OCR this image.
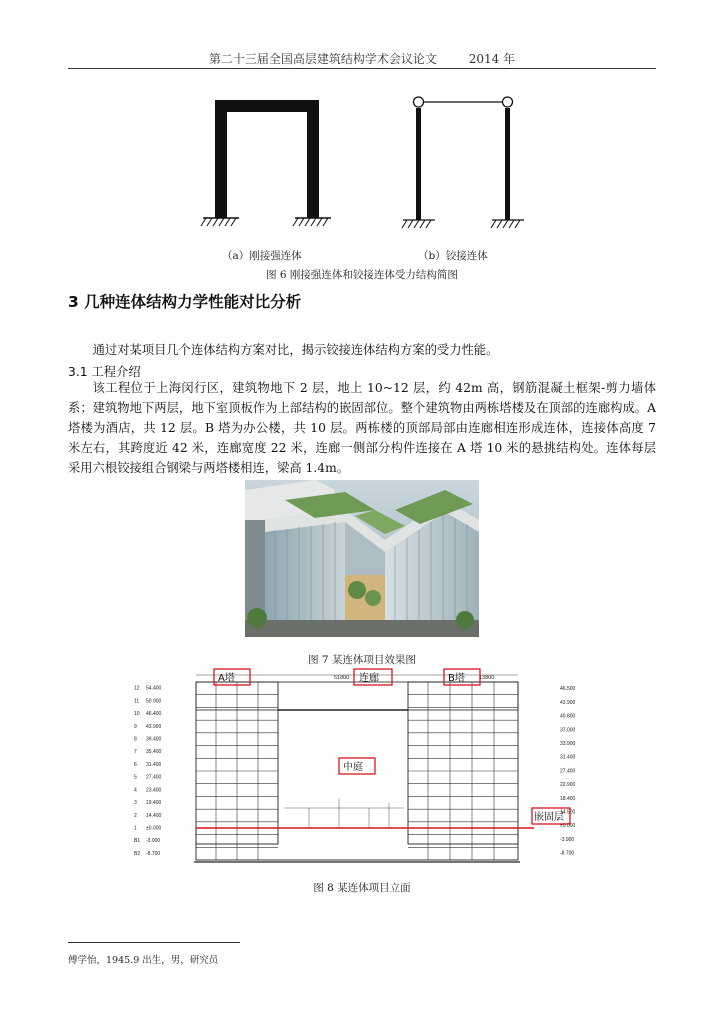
第二十三届全国高层建筑结构学术会议论文	2014 年
（a）刚接强连体	（b）铰接连体
图 6 刚接强连体和铰接连体受力结构简图
3 几种连体结构力学性能对比分析
通过对某项目几个连体结构方案对比，揭示铰接连体结构方案的受力性能。
3.1 工程介绍
该工程位于上海闵行区，建筑物地下 2 层，地上 10~12 层，约 42m 高，钢筋混凝土框架-剪力墙体系；建筑物地下两层，地下室顶板作为上部结构的嵌固部位。整个建筑物由两栋塔楼及在顶部的连廊构成。A 塔楼为酒店，共 12 层。B 塔为办公楼，共 10 层。两栋楼的顶部局部由连廊相连形成连体，连接体高度 7 米左右，其跨度近 42 米，连廊宽度 22 米，连廊一侧部分构件连接在 A 塔 10 米的悬挑结构处。连体每层采用六根铰接组合钢梁与两塔楼相连，梁高 1.4m。
图 7 某连体项目效果图
12 54.400
11 50.900
10 46.400
9 43.900
8 39.400
7 35.400
6 31.400
5 27.400
4 23.400
3 19.400
2 14.400
1 ±0.000
B1 -3.900
B2 -8.700
46.500
43.900
40.800
37.000
33.900
31.400
27.400
22.900
18.400
14.500
±0.000
-3.900
-8.700
51800	13800
A塔	连廊	B塔
中庭
嵌固层
图 8 某连体项目立面
傅学怡，1945.9 出生，男，研究员
